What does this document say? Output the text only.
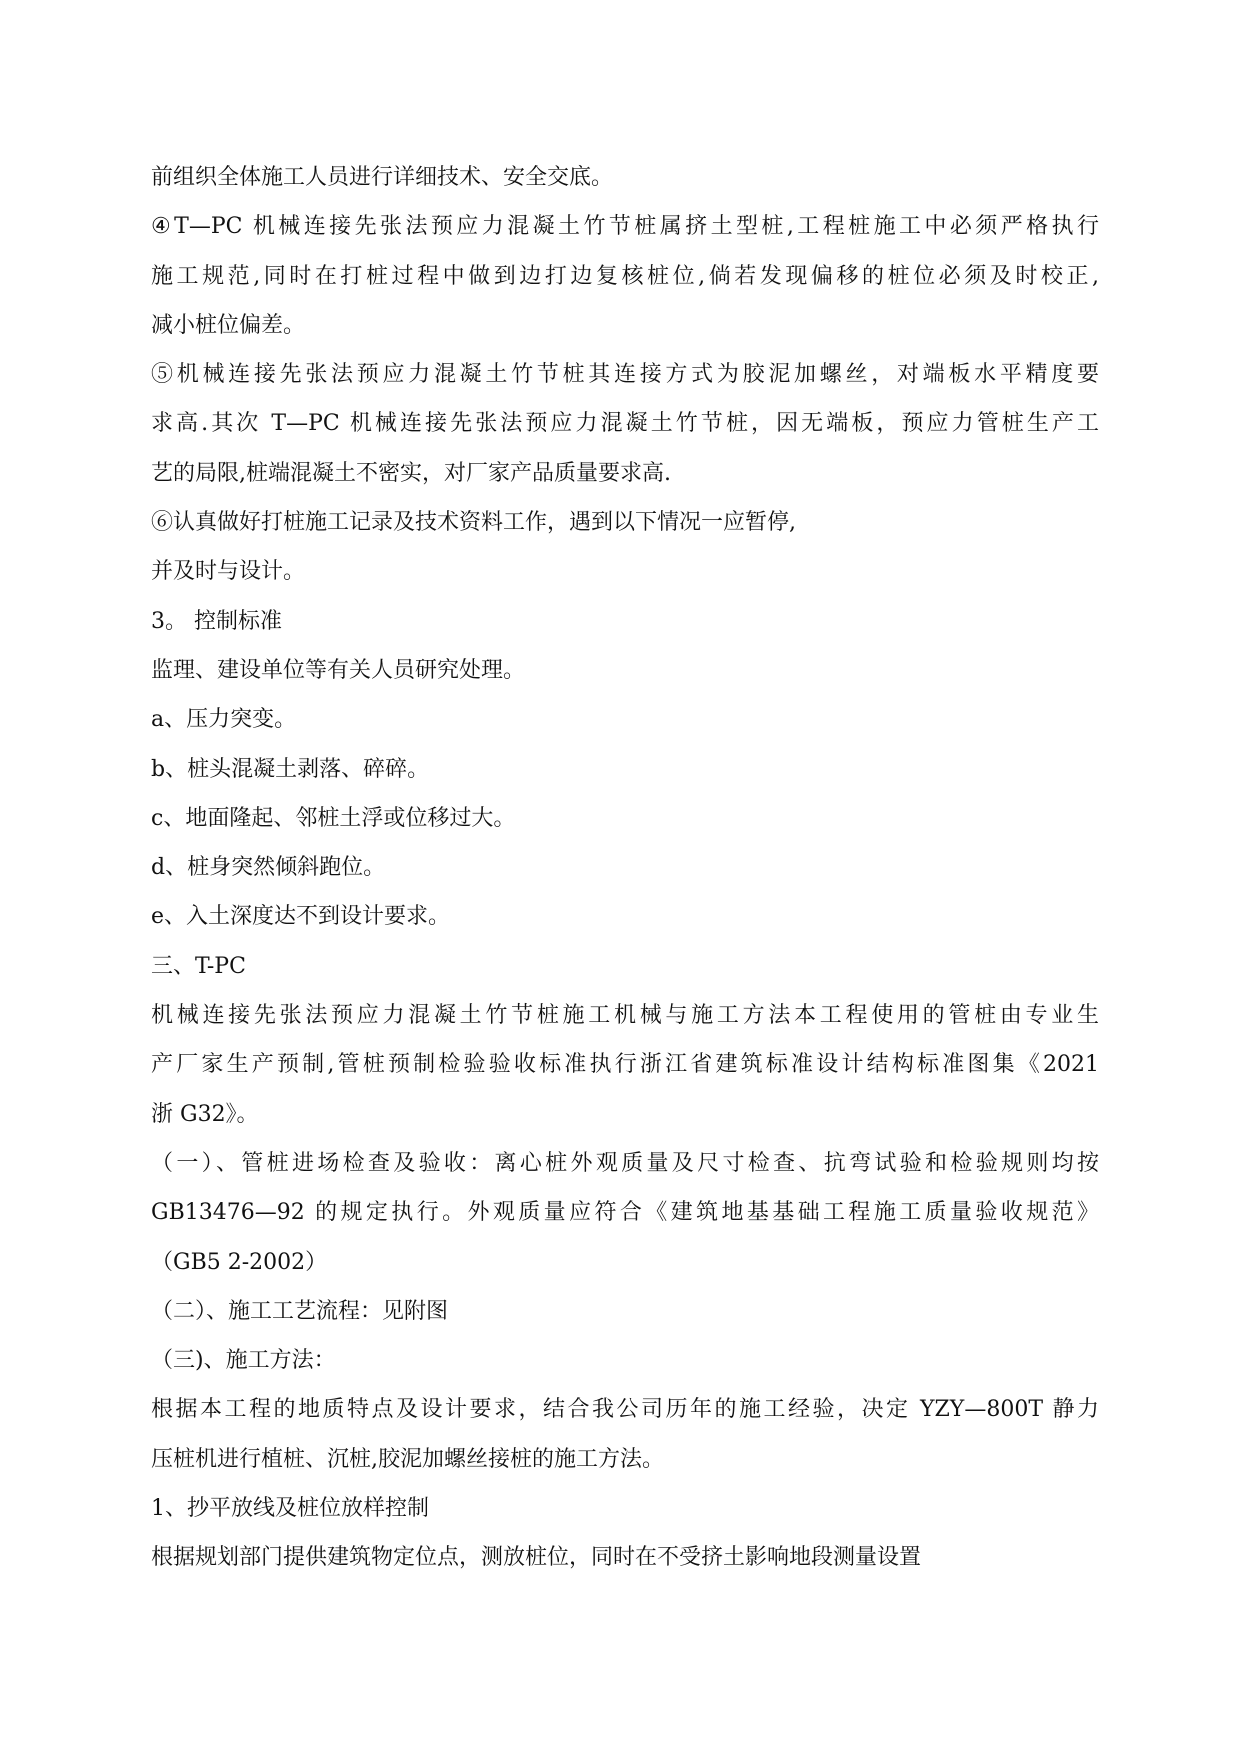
前组织全体施工人员进行详细技术、安全交底。
④T—PC 机械连接先张法预应力混凝土竹节桩属挤土型桩,工程桩施工中必须严格执行
施工规范,同时在打桩过程中做到边打边复核桩位,倘若发现偏移的桩位必须及时校正,
减小桩位偏差。
⑤机械连接先张法预应力混凝土竹节桩其连接方式为胶泥加螺丝，对端板水平精度要
求高.其次 T—PC 机械连接先张法预应力混凝土竹节桩，因无端板，预应力管桩生产工
艺的局限,桩端混凝土不密实，对厂家产品质量要求高.
⑥认真做好打桩施工记录及技术资料工作，遇到以下情况一应暂停,
并及时与设计。
3。 控制标准
监理、建设单位等有关人员研究处理。
a、压力突变。
b、桩头混凝土剥落、碎碎。
c、地面隆起、邻桩土浮或位移过大。
d、桩身突然倾斜跑位。
e、入土深度达不到设计要求。
三、T-PC
机械连接先张法预应力混凝土竹节桩施工机械与施工方法本工程使用的管桩由专业生
产厂家生产预制,管桩预制检验验收标准执行浙江省建筑标准设计结构标准图集《2021
浙 G32》。
（一）、管桩进场检查及验收：离心桩外观质量及尺寸检查、抗弯试验和检验规则均按
GB13476—92 的规定执行。外观质量应符合《建筑地基基础工程施工质量验收规范》
（GB5 2-2002）
（二）、施工工艺流程：见附图
（三)、施工方法：
根据本工程的地质特点及设计要求，结合我公司历年的施工经验，决定 YZY—800T 静力
压桩机进行植桩、沉桩,胶泥加螺丝接桩的施工方法。
1、抄平放线及桩位放样控制
根据规划部门提供建筑物定位点，测放桩位，同时在不受挤土影响地段测量设置
